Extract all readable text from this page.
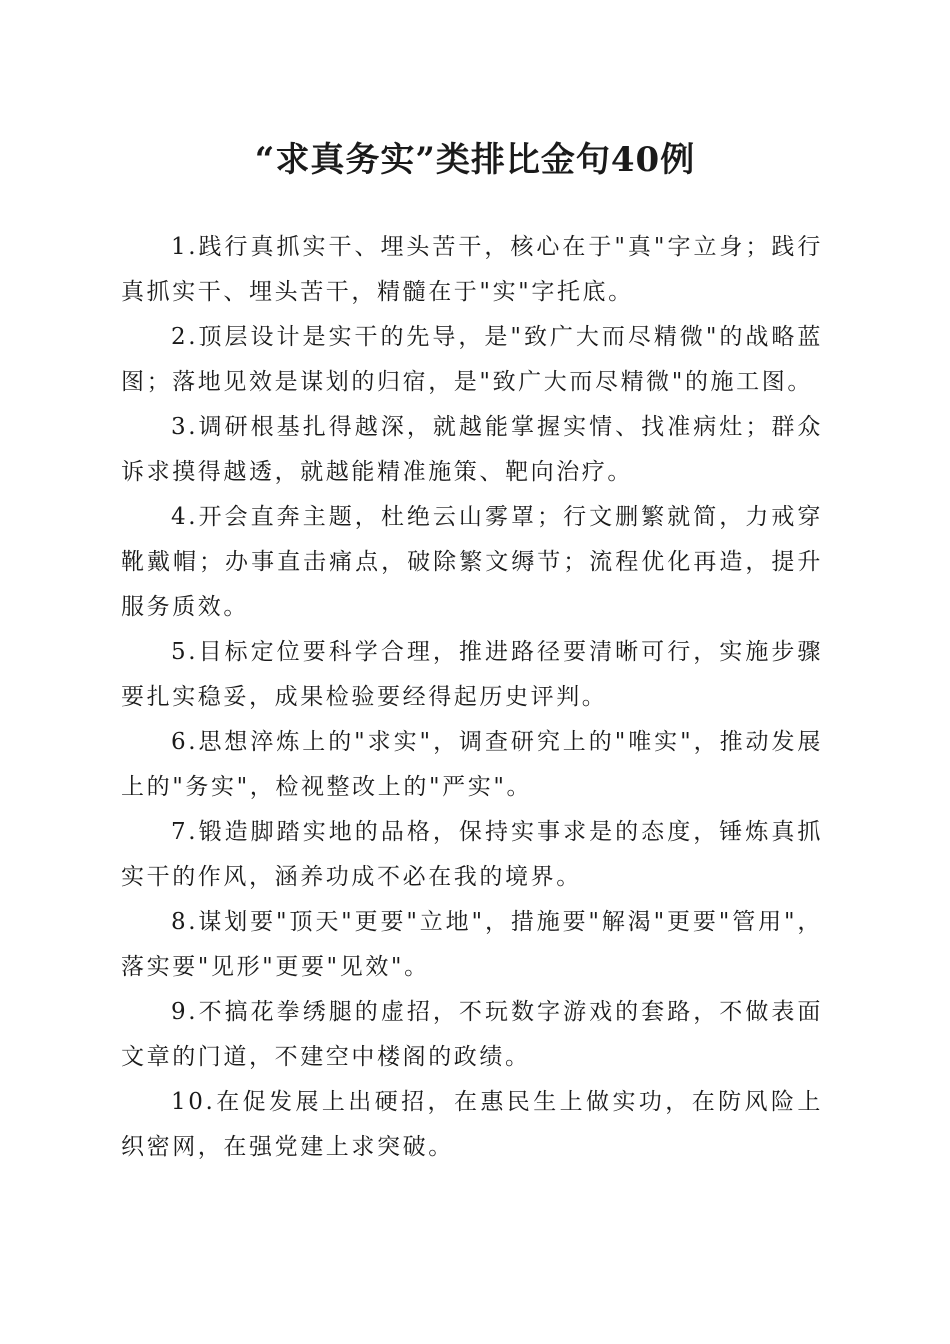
“求真务实”类排比金句40例

1.践行真抓实干、埋头苦干，核心在于"真"字立身；践行真抓实干、埋头苦干，精髓在于"实"字托底。

2.顶层设计是实干的先导，是"致广大而尽精微"的战略蓝图；落地见效是谋划的归宿，是"致广大而尽精微"的施工图。

3.调研根基扎得越深，就越能掌握实情、找准病灶；群众诉求摸得越透，就越能精准施策、靶向治疗。

4.开会直奔主题，杜绝云山雾罩；行文删繁就简，力戒穿靴戴帽；办事直击痛点，破除繁文缛节；流程优化再造，提升服务质效。

5.目标定位要科学合理，推进路径要清晰可行，实施步骤要扎实稳妥，成果检验要经得起历史评判。

6.思想淬炼上的"求实"，调查研究上的"唯实"，推动发展上的"务实"，检视整改上的"严实"。

7.锻造脚踏实地的品格，保持实事求是的态度，锤炼真抓实干的作风，涵养功成不必在我的境界。

8.谋划要"顶天"更要"立地"，措施要"解渴"更要"管用"，落实要"见形"更要"见效"。

9.不搞花拳绣腿的虚招，不玩数字游戏的套路，不做表面文章的门道，不建空中楼阁的政绩。

10.在促发展上出硬招，在惠民生上做实功，在防风险上织密网，在强党建上求突破。
